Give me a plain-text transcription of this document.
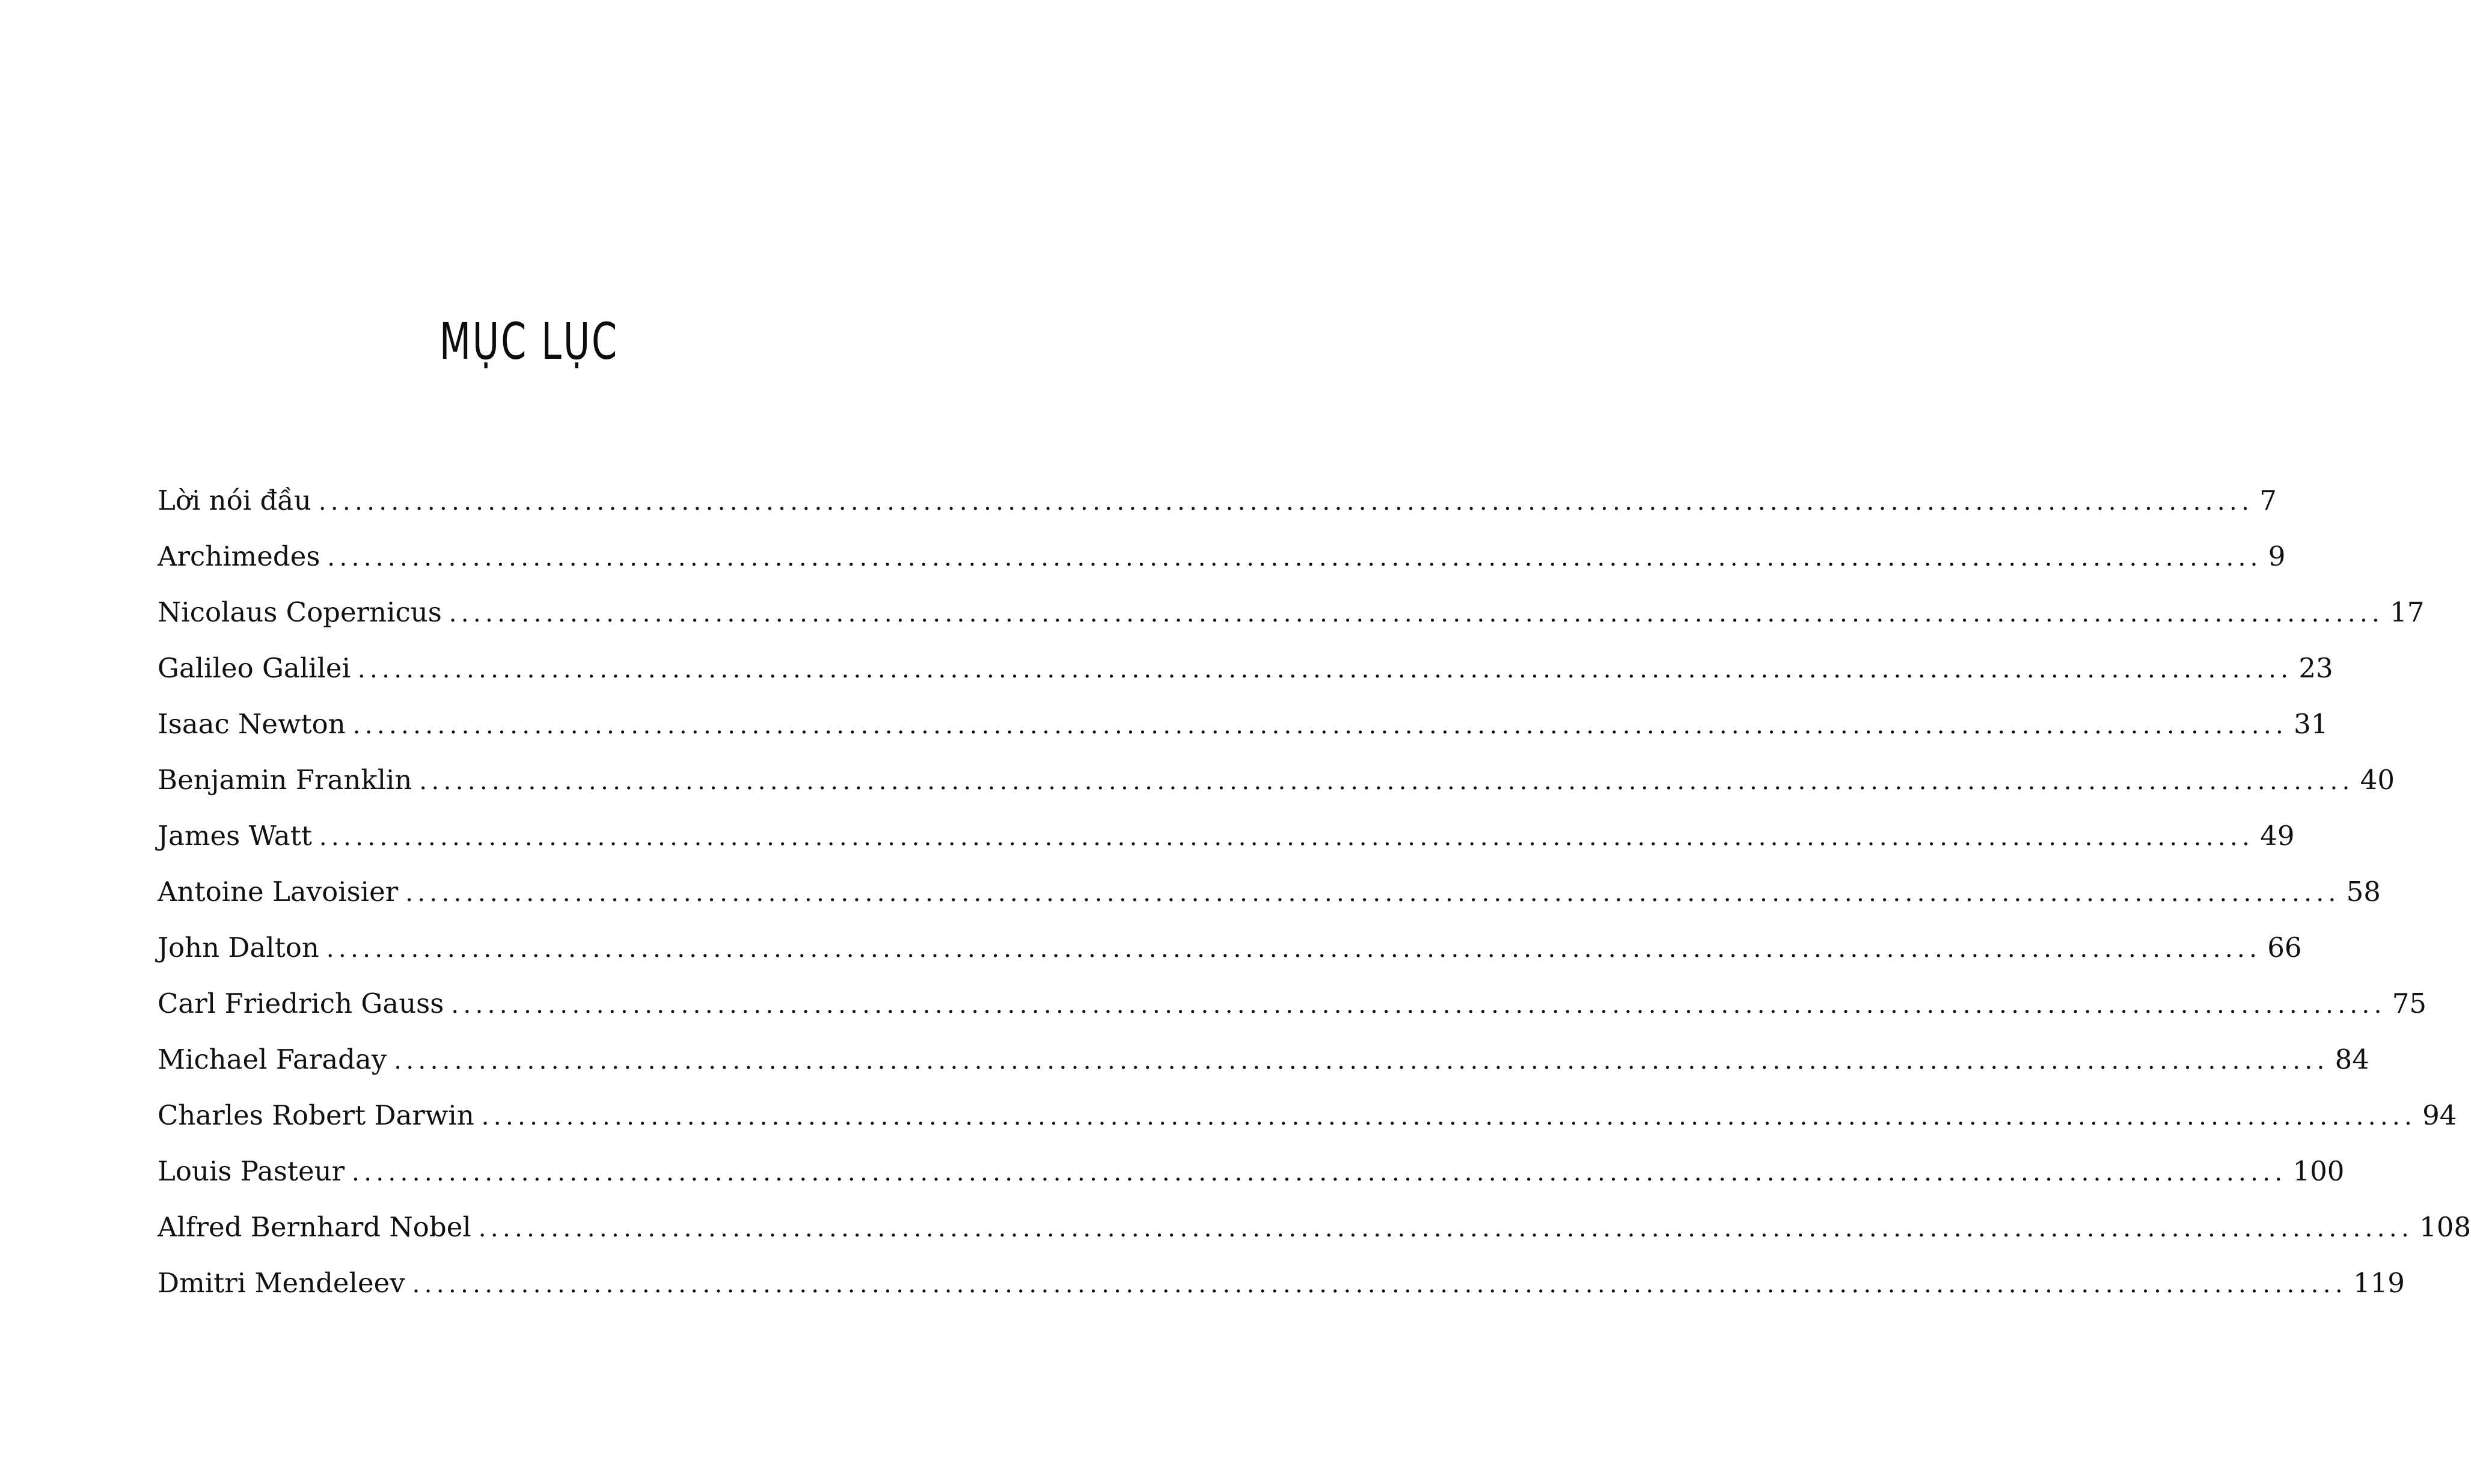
MỤC LỤC
Lời nói đầu ................................................................................................................................................................ 7
Archimedes ................................................................................................................................................................ 9
Nicolaus Copernicus ................................................................................................................................................................ 17
Galileo Galilei ................................................................................................................................................................ 23
Isaac Newton ................................................................................................................................................................ 31
Benjamin Franklin ................................................................................................................................................................ 40
James Watt ................................................................................................................................................................ 49
Antoine Lavoisier ................................................................................................................................................................ 58
John Dalton ................................................................................................................................................................ 66
Carl Friedrich Gauss ................................................................................................................................................................ 75
Michael Faraday ................................................................................................................................................................ 84
Charles Robert Darwin ................................................................................................................................................................ 94
Louis Pasteur ................................................................................................................................................................ 100
Alfred Bernhard Nobel ................................................................................................................................................................ 108
Dmitri Mendeleev ................................................................................................................................................................ 119
